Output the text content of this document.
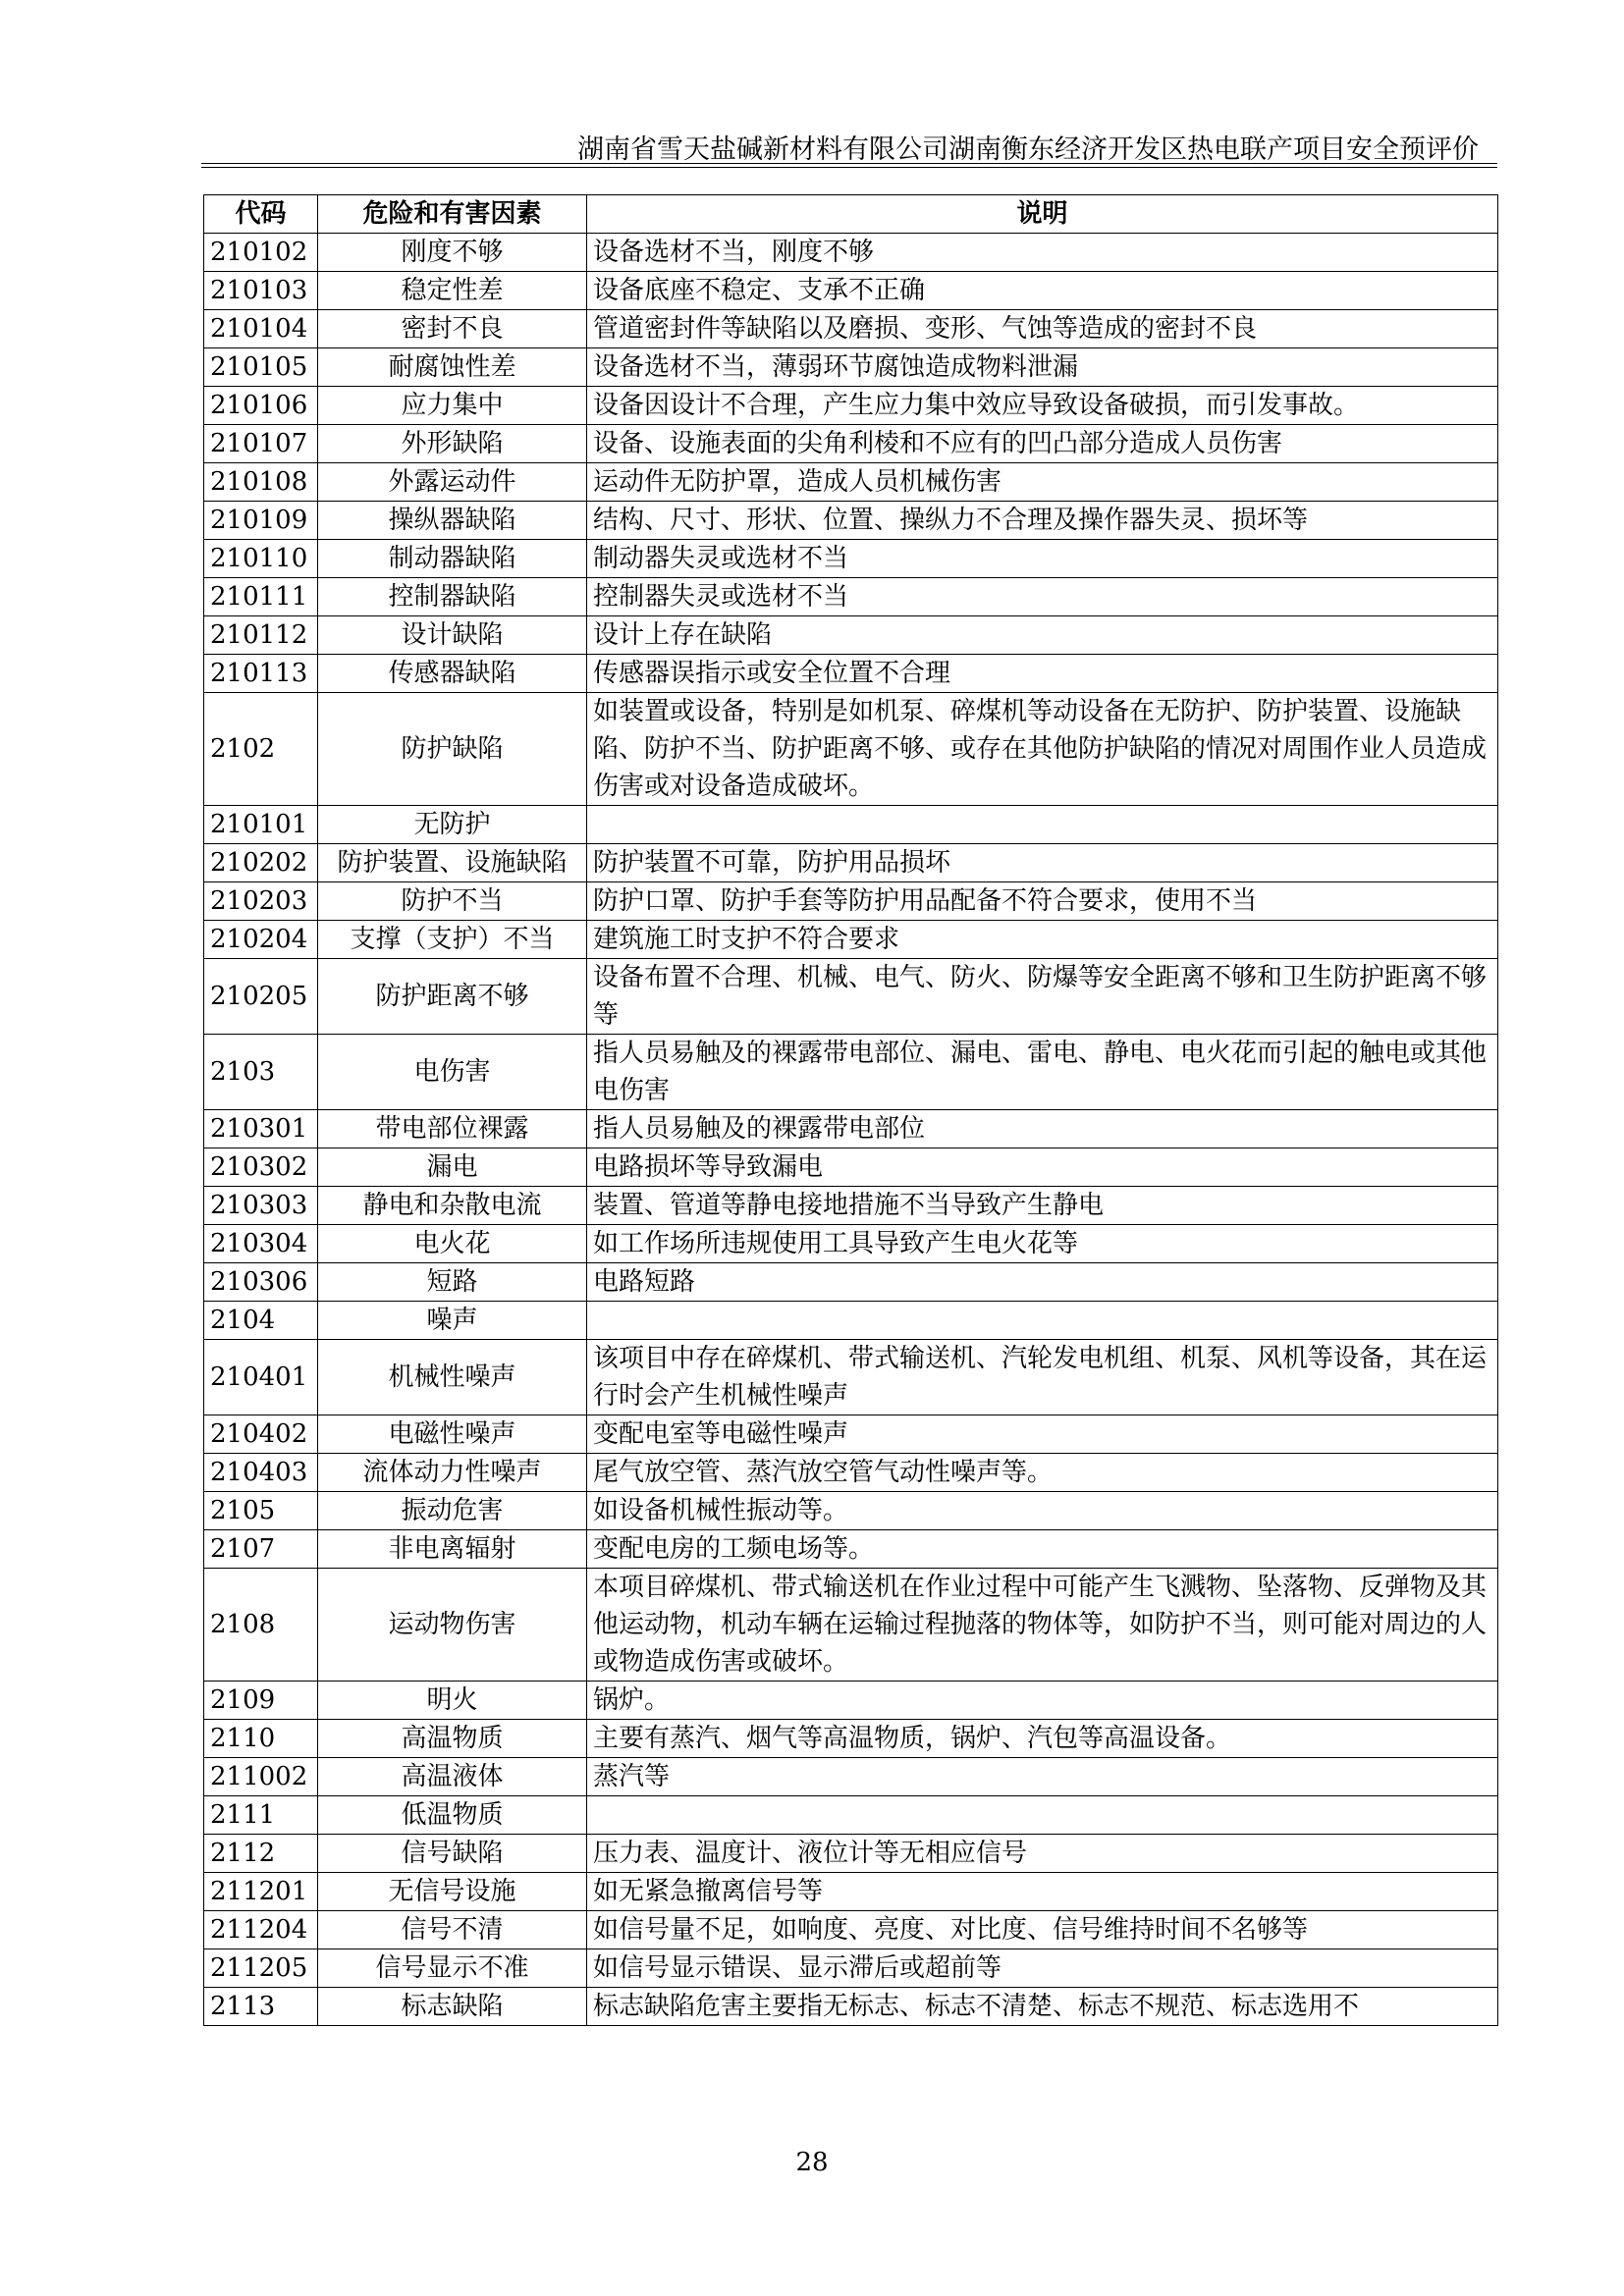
湖南省雪天盐碱新材料有限公司湖南衡东经济开发区热电联产项目安全预评价
代码	危险和有害因素	说明
210102	刚度不够	设备选材不当，刚度不够
210103	稳定性差	设备底座不稳定、支承不正确
210104	密封不良	管道密封件等缺陷以及磨损、变形、气蚀等造成的密封不良
210105	耐腐蚀性差	设备选材不当，薄弱环节腐蚀造成物料泄漏
210106	应力集中	设备因设计不合理，产生应力集中效应导致设备破损，而引发事故。
210107	外形缺陷	设备、设施表面的尖角利棱和不应有的凹凸部分造成人员伤害
210108	外露运动件	运动件无防护罩，造成人员机械伤害
210109	操纵器缺陷	结构、尺寸、形状、位置、操纵力不合理及操作器失灵、损坏等
210110	制动器缺陷	制动器失灵或选材不当
210111	控制器缺陷	控制器失灵或选材不当
210112	设计缺陷	设计上存在缺陷
210113	传感器缺陷	传感器误指示或安全位置不合理
2102	防护缺陷	如装置或设备，特别是如机泵、碎煤机等动设备在无防护、防护装置、设施缺陷、防护不当、防护距离不够、或存在其他防护缺陷的情况对周围作业人员造成伤害或对设备造成破坏。
210101	无防护	
210202	防护装置、设施缺陷	防护装置不可靠，防护用品损坏
210203	防护不当	防护口罩、防护手套等防护用品配备不符合要求，使用不当
210204	支撑（支护）不当	建筑施工时支护不符合要求
210205	防护距离不够	设备布置不合理、机械、电气、防火、防爆等安全距离不够和卫生防护距离不够等
2103	电伤害	指人员易触及的裸露带电部位、漏电、雷电、静电、电火花而引起的触电或其他电伤害
210301	带电部位裸露	指人员易触及的裸露带电部位
210302	漏电	电路损坏等导致漏电
210303	静电和杂散电流	装置、管道等静电接地措施不当导致产生静电
210304	电火花	如工作场所违规使用工具导致产生电火花等
210306	短路	电路短路
2104	噪声	
210401	机械性噪声	该项目中存在碎煤机、带式输送机、汽轮发电机组、机泵、风机等设备，其在运行时会产生机械性噪声
210402	电磁性噪声	变配电室等电磁性噪声
210403	流体动力性噪声	尾气放空管、蒸汽放空管气动性噪声等。
2105	振动危害	如设备机械性振动等。
2107	非电离辐射	变配电房的工频电场等。
2108	运动物伤害	本项目碎煤机、带式输送机在作业过程中可能产生飞溅物、坠落物、反弹物及其他运动物，机动车辆在运输过程抛落的物体等，如防护不当，则可能对周边的人或物造成伤害或破坏。
2109	明火	锅炉。
2110	高温物质	主要有蒸汽、烟气等高温物质，锅炉、汽包等高温设备。
211002	高温液体	蒸汽等
2111	低温物质	
2112	信号缺陷	压力表、温度计、液位计等无相应信号
211201	无信号设施	如无紧急撤离信号等
211204	信号不清	如信号量不足，如响度、亮度、对比度、信号维持时间不名够等
211205	信号显示不准	如信号显示错误、显示滞后或超前等
2113	标志缺陷	标志缺陷危害主要指无标志、标志不清楚、标志不规范、标志选用不
28
